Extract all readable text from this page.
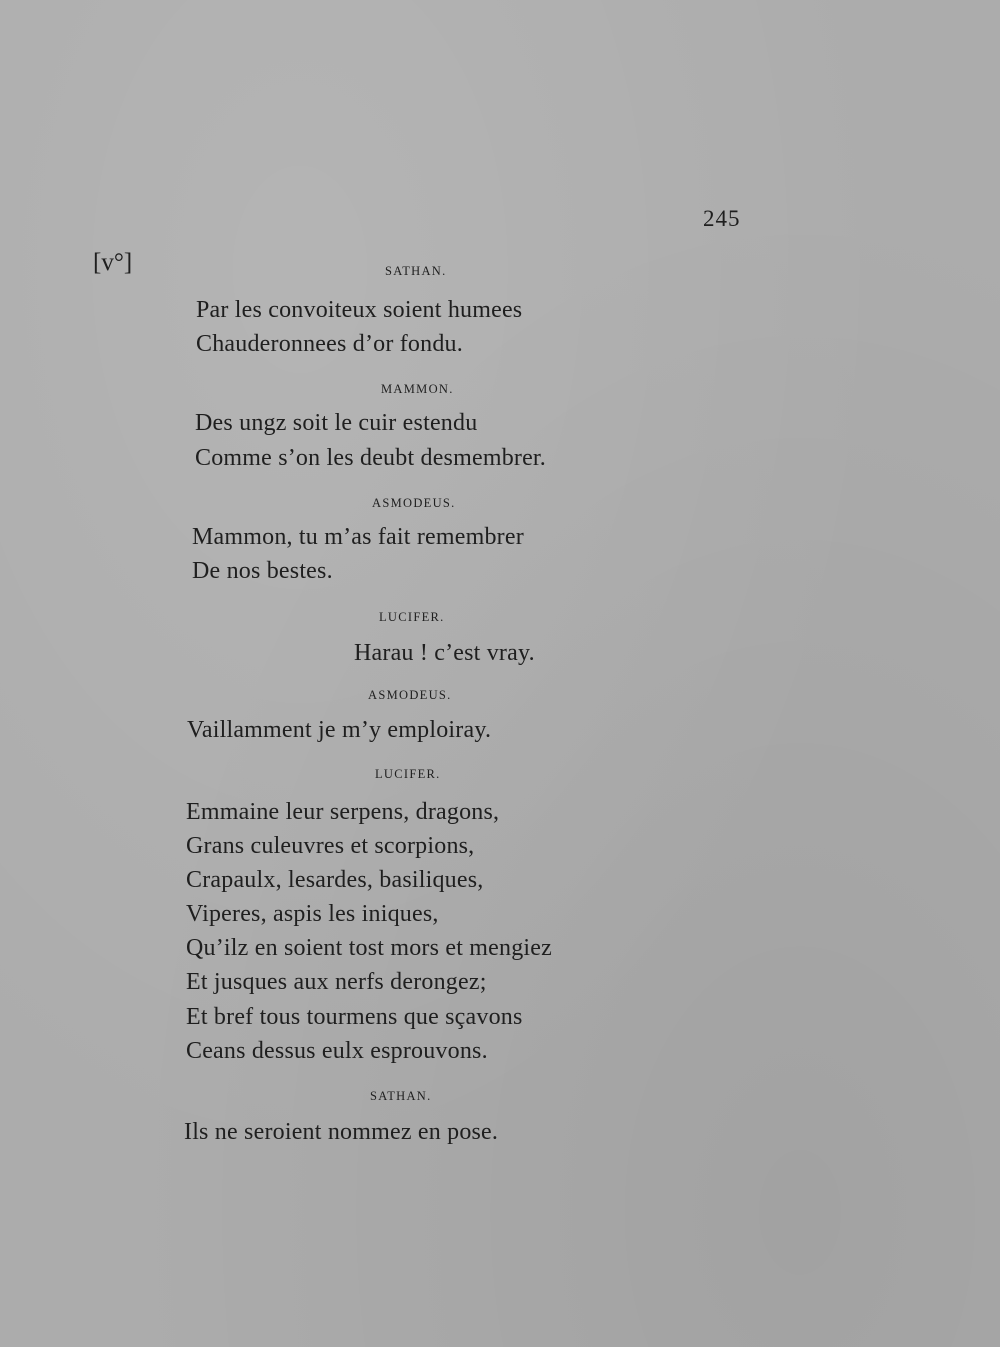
245
[v°]	SATHAN.
Par les convoiteux soient humees
Chauderonnees d’or fondu.
MAMMON.
Des ungz soit le cuir estendu
Comme s’on les deubt desmembrer.
ASMODEUS.
Mammon, tu m’as fait remembrer
De nos bestes.
LUCIFER.
Harau ! c’est vray.
ASMODEUS.
Vaillamment je m’y emploiray.
LUCIFER.
Emmaine leur serpens, dragons,
Grans culeuvres et scorpions,
Crapaulx, lesardes, basiliques,
Viperes, aspis les iniques,
Qu’ilz en soient tost mors et mengiez
Et jusques aux nerfs derongez;
Et bref tous tourmens que sçavons
Ceans dessus eulx esprouvons.
SATHAN.
Ils ne seroient nommez en pose.
